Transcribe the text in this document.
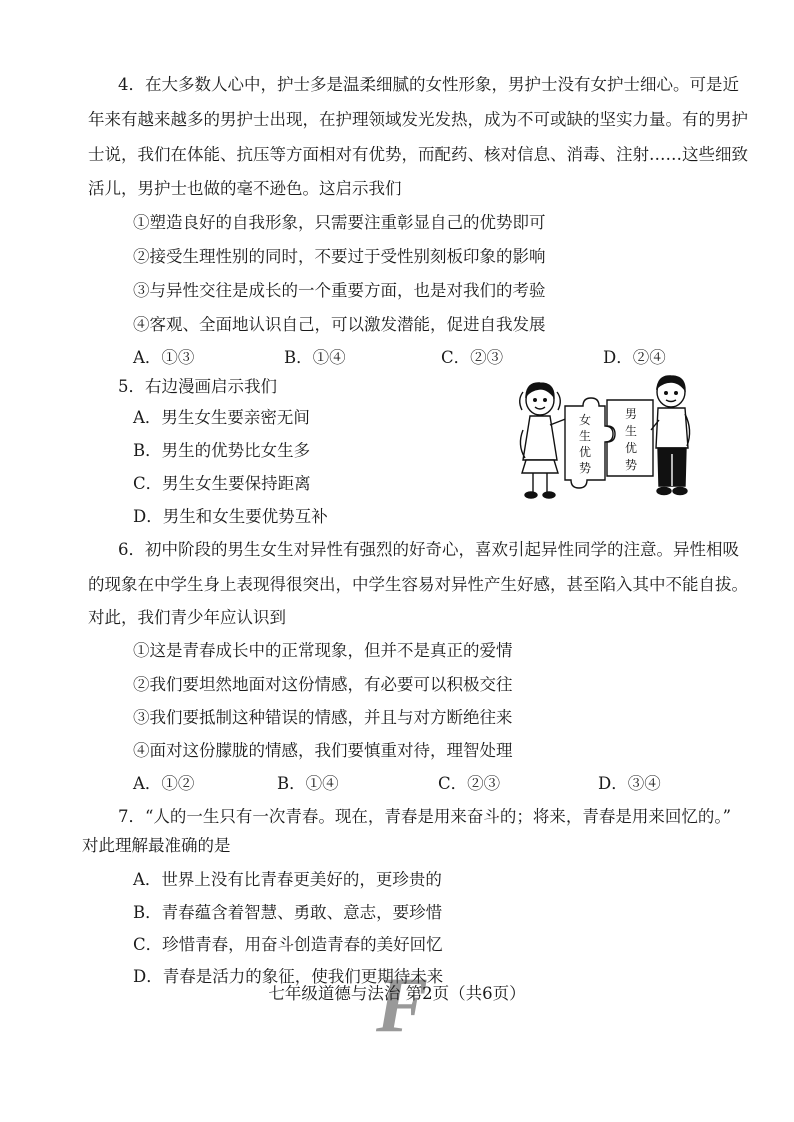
4．在大多数人心中，护士多是温柔细腻的女性形象，男护士没有女护士细心。可是近
年来有越来越多的男护士出现，在护理领域发光发热，成为不可或缺的坚实力量。有的男护
士说，我们在体能、抗压等方面相对有优势，而配药、核对信息、消毒、注射……这些细致
活儿，男护士也做的毫不逊色。这启示我们
①塑造良好的自我形象，只需要注重彰显自己的优势即可
②接受生理性别的同时，不要过于受性别刻板印象的影响
③与异性交往是成长的一个重要方面，也是对我们的考验
④客观、全面地认识自己，可以激发潜能，促进自我发展
A．①③	B．①④	C．②③	D．②④
5．右边漫画启示我们
A．男生女生要亲密无间
B．男生的优势比女生多
C．男生女生要保持距离
D．男生和女生要优势互补
女
生
优
势
男
生
优
势
6．初中阶段的男生女生对异性有强烈的好奇心，喜欢引起异性同学的注意。异性相吸
的现象在中学生身上表现得很突出，中学生容易对异性产生好感，甚至陷入其中不能自拔。
对此，我们青少年应认识到
①这是青春成长中的正常现象，但并不是真正的爱情
②我们要坦然地面对这份情感，有必要可以积极交往
③我们要抵制这种错误的情感，并且与对方断绝往来
④面对这份朦胧的情感，我们要慎重对待，理智处理
A．①②	B．①④	C．②③	D．③④
7．“人的一生只有一次青春。现在，青春是用来奋斗的；将来，青春是用来回忆的。”
对此理解最准确的是
A．世界上没有比青春更美好的，更珍贵的
B．青春蕴含着智慧、勇敢、意志，要珍惜
C．珍惜青春，用奋斗创造青春的美好回忆
D．青春是活力的象征，使我们更期待未来
F
七年级道德与法治 第2页（共6页）
